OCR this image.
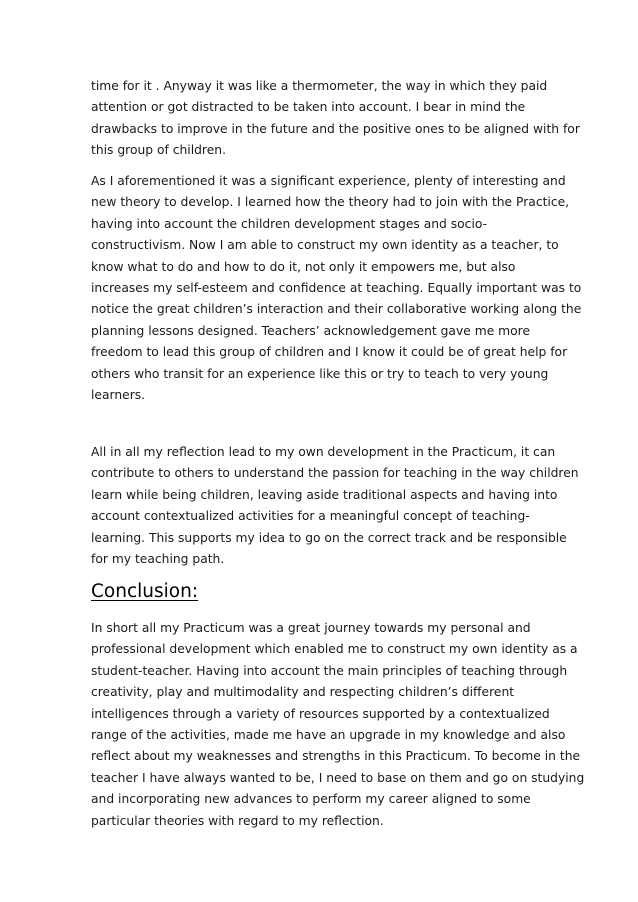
time for it . Anyway it was like a thermometer, the way in which they paid
attention or got distracted to be taken into account. I bear in mind the
drawbacks to improve in the future and the positive ones to be aligned with for
this group of children.

As I aforementioned it was a significant experience, plenty of interesting and
new theory to develop. I learned how the theory had to join with the Practice,
having into account the children development stages and socio-
constructivism. Now I am able to construct my own identity as a teacher, to
know what to do and how to do it, not only it empowers me, but also
increases my self-esteem and confidence at teaching. Equally important was to
notice the great children’s interaction and their collaborative working along the
planning lessons designed. Teachers’ acknowledgement gave me more
freedom to lead this group of children and I know it could be of great help for
others who transit for an experience like this or try to teach to very young
learners.

All in all my reflection lead to my own development in the Practicum, it can
contribute to others to understand the passion for teaching in the way children
learn while being children, leaving aside traditional aspects and having into
account contextualized activities for a meaningful concept of teaching-
learning. This supports my idea to go on the correct track and be responsible
for my teaching path.

Conclusion:

In short all my Practicum was a great journey towards my personal and
professional development which enabled me to construct my own identity as a
student-teacher. Having into account the main principles of teaching through
creativity, play and multimodality and respecting children’s different
intelligences through a variety of resources supported by a contextualized
range of the activities, made me have an upgrade in my knowledge and also
reflect about my weaknesses and strengths in this Practicum. To become in the
teacher I have always wanted to be, I need to base on them and go on studying
and incorporating new advances to perform my career aligned to some
particular theories with regard to my reflection.
